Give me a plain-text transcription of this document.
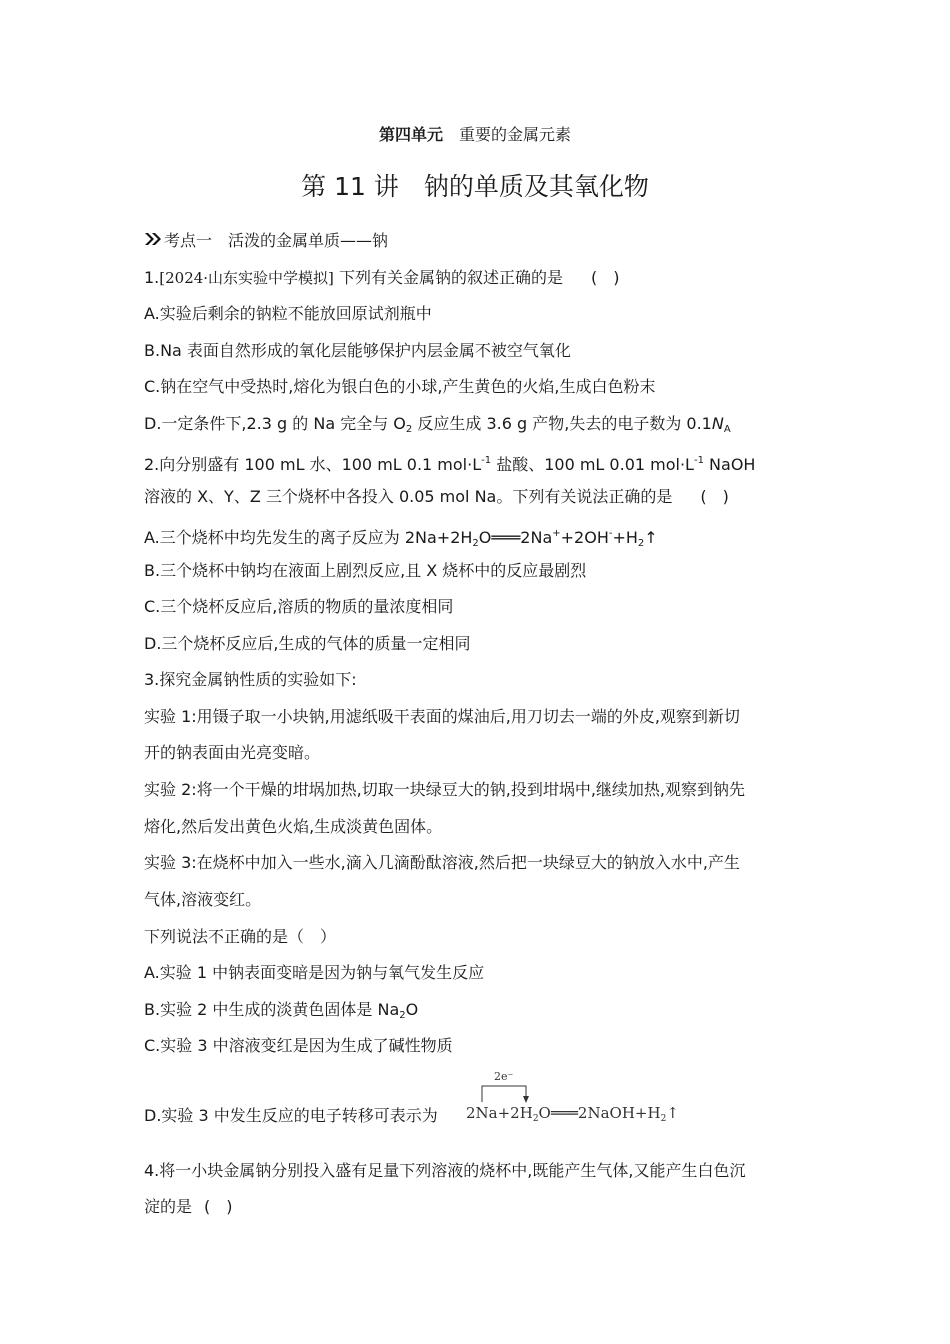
第四单元　 重要的金属元素
第 11 讲　钠的单质及其氧化物
考点一　活泼的金属单质——钠
1.[2024·山东实验中学模拟] 下列有关金属钠的叙述正确的是 (　)
A.实验后剩余的钠粒不能放回原试剂瓶中
B.Na 表面自然形成的氧化层能够保护内层金属不被空气氧化
C.钠在空气中受热时,熔化为银白色的小球,产生黄色的火焰,生成白色粉末
D.一定条件下,2.3 g 的 Na 完全与 $O_2$ 反应生成 3.6 g 产物,失去的电子数为 $0.1N_A$
2.向分别盛有 100 mL 水、100 mL 0.1 $mol\cdot L^{-1}$ 盐酸、100 mL 0.01 $mol\cdot L^{-1}$ NaOH
溶液的 X、Y、Z 三个烧杯中各投入 0.05 mol Na。下列有关说法正确的是 (　)
A.三个烧杯中均先发生的离子反应为 $2Na+2H_2O═══2Na^++2OH^-+H_2↑$
B.三个烧杯中钠均在液面上剧烈反应,且 X 烧杯中的反应最剧烈
C.三个烧杯反应后,溶质的物质的量浓度相同
D.三个烧杯反应后,生成的气体的质量一定相同
3.探究金属钠性质的实验如下:
实验 1:用镊子取一小块钠,用滤纸吸干表面的煤油后,用刀切去一端的外皮,观察到新切
开的钠表面由光亮变暗。
实验 2:将一个干燥的坩埚加热,切取一块绿豆大的钠,投到坩埚中,继续加热,观察到钠先
熔化,然后发出黄色火焰,生成淡黄色固体。
实验 3:在烧杯中加入一些水,滴入几滴酚酞溶液,然后把一块绿豆大的钠放入水中,产生
气体,溶液变红。
下列说法不正确的是（　）
A.实验 1 中钠表面变暗是因为钠与氧气发生反应
B.实验 2 中生成的淡黄色固体是 $Na_2O$
C.实验 3 中溶液变红是因为生成了碱性物质
D.实验 3 中发生反应的电子转移可表示为
2e⁻
$2Na+2H_2O═══2NaOH+H_2↑$
4.将一小块金属钠分别投入盛有足量下列溶液的烧杯中,既能产生气体,又能产生白色沉
淀的是 (　)
